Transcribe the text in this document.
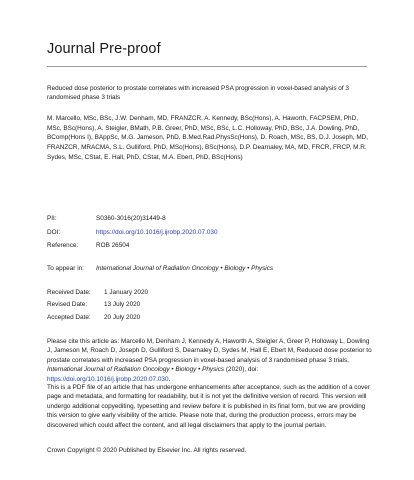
Journal Pre-proof
Reduced dose posterior to prostate correlates with increased PSA progression in voxel-based analysis of 3 randomised phase 3 trials
M. Marcello, MSc, BSc, J.W. Denham, MD, FRANZCR, A. Kennedy, BSc(Hons), A. Haworth, FACPSEM, PhD, MSc, BSc(Hons), A. Steigler, BMath, P.B. Greer, PhD, MSc, BSc, L.C. Holloway, PhD, BSc, J.A. Dowling, PhD, BComp(Hons I), BAppSc, M.G. Jameson, PhD, B.Med.Rad.PhysSc(Hons), D. Roach, MSc, BS, D.J. Joseph, MD, FRANZCR, MRACMA, S.L. Gulliford, PhD, MSc(Hons), BSc(Hons), D.P. Dearnaley, MA, MD, FRCR, FRCP, M.R. Sydes, MSc, CStat, E. Hall, PhD, CStat, M.A. Ebert, PhD, BSc(Hons)
PII:	S0360-3016(20)31449-8
DOI:	https://doi.org/10.1016/j.ijrobp.2020.07.030
Reference:	ROB 26504
To appear in: International Journal of Radiation Oncology • Biology • Physics
Received Date: 1 January 2020
Revised Date:	13 July 2020
Accepted Date: 20 July 2020
Please cite this article as: Marcello M, Denham J, Kennedy A, Haworth A, Steigler A, Greer P, Holloway L, Dowling J, Jameson M, Roach D, Joseph D, Gulliford S, Dearnaley D, Sydes M, Hall E, Ebert M, Reduced dose posterior to prostate correlates with increased PSA progression in voxel-based analysis of 3 randomised phase 3 trials, International Journal of Radiation Oncology • Biology • Physics (2020), doi: https://doi.org/10.1016/j.ijrobp.2020.07.030.
This is a PDF file of an article that has undergone enhancements after acceptance, such as the addition of a cover page and metadata, and formatting for readability, but it is not yet the definitive version of record. This version will undergo additional copyediting, typesetting and review before it is published in its final form, but we are providing this version to give early visibility of the article. Please note that, during the production process, errors may be discovered which could affect the content, and all legal disclaimers that apply to the journal pertain.
Crown Copyright © 2020 Published by Elsevier Inc. All rights reserved.
